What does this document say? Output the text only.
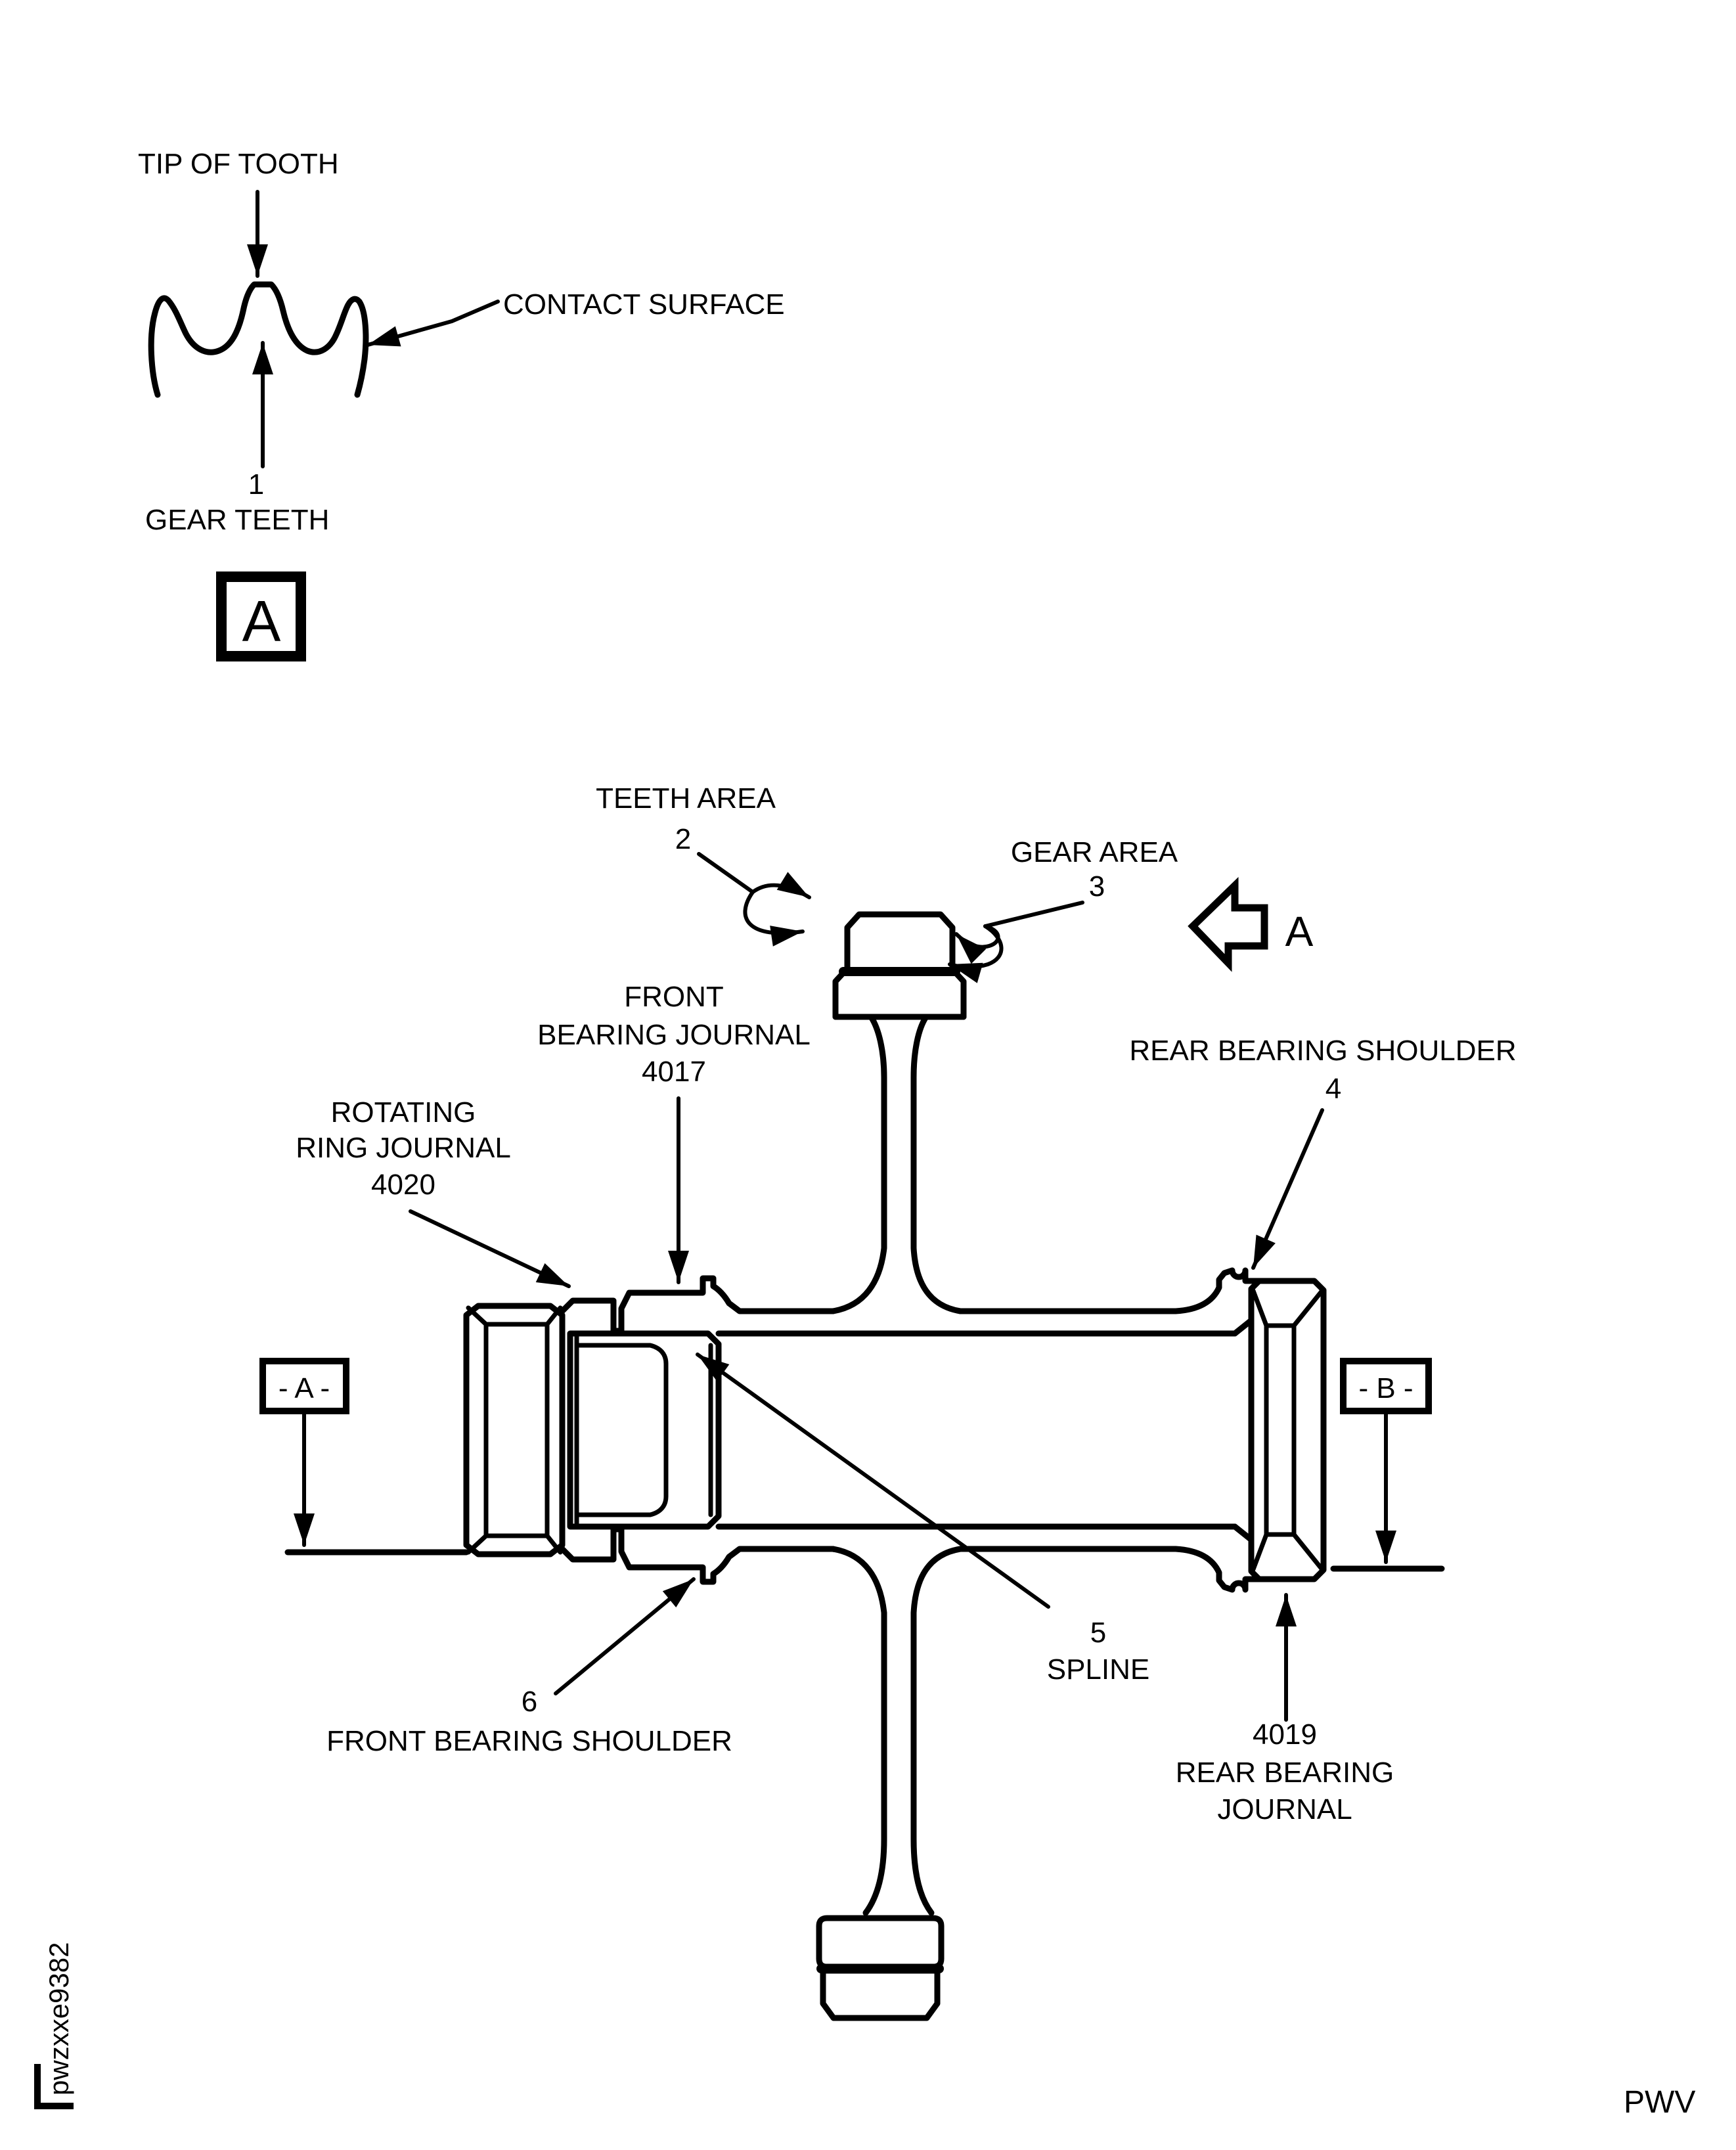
TIP OF TOOTH
CONTACT SURFACE
1
GEAR TEETH
A
A
TEETH AREA
2	GEAR AREA
3
FRONT
BEARING JOURNAL
4017
REAR BEARING SHOULDER
4
ROTATING
RING JOURNAL
4020
- A -	- B -
5
SPLINE
6
FRONT BEARING SHOULDER	4019
REAR BEARING
JOURNAL
pwzxxe9382
PWV
